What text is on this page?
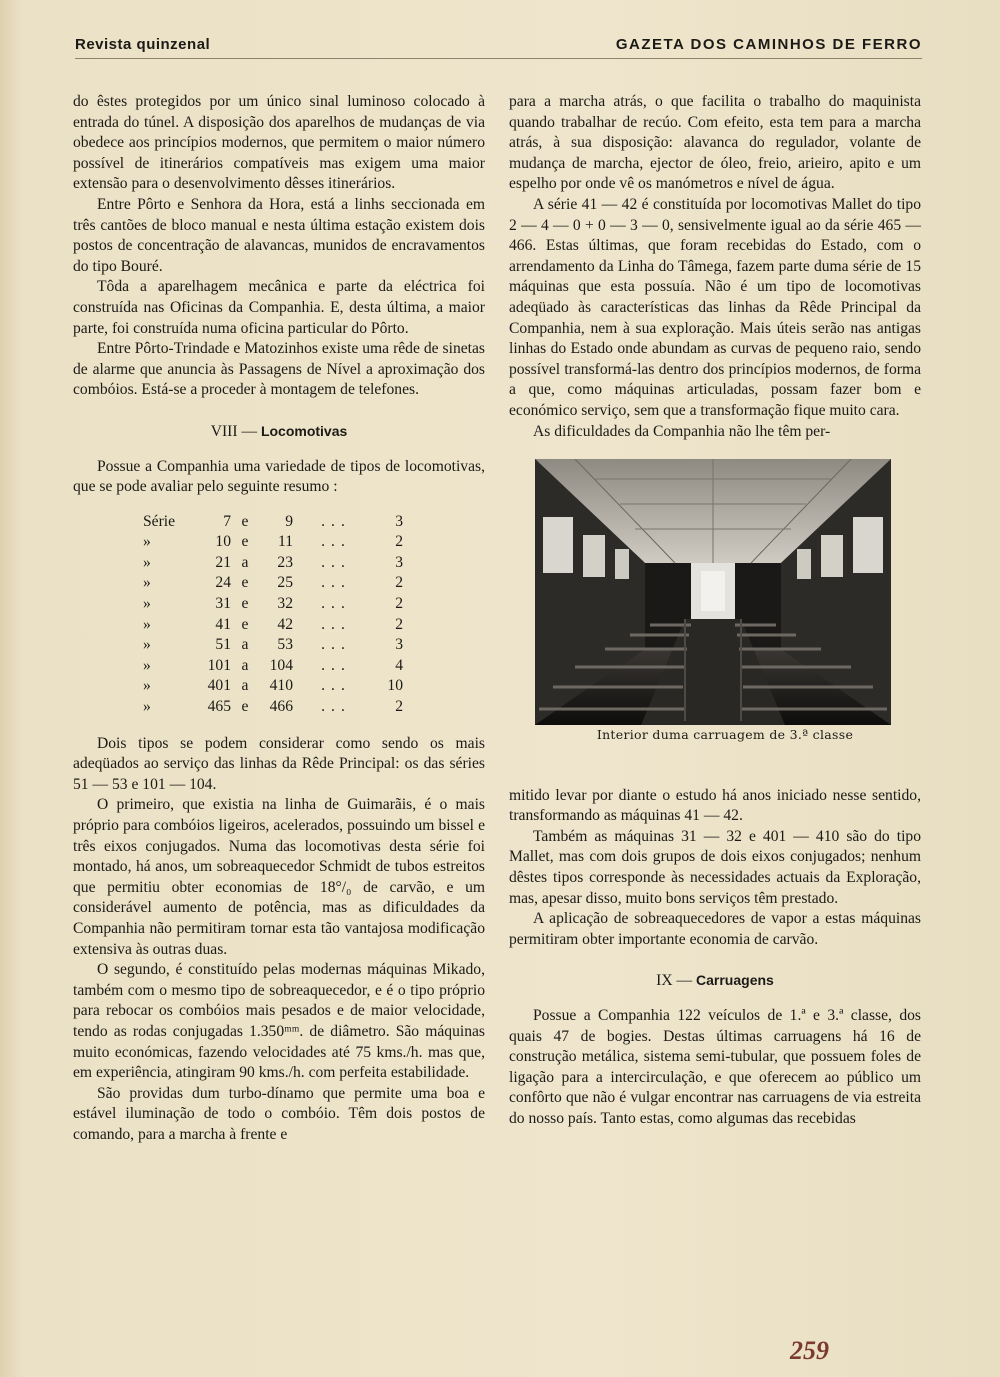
Revista quinzenal	GAZETA DOS CAMINHOS DE FERRO

do êstes protegidos por um único sinal luminoso colocado à entrada do túnel. A disposição dos aparelhos de mudanças de via obedece aos princípios modernos, que permitem o maior número possível de itinerários compatíveis mas exigem uma maior extensão para o desenvolvimento dêsses itinerários.

Entre Pôrto e Senhora da Hora, está a linhs seccionada em três cantões de bloco manual e nesta última estação existem dois postos de concentração de alavancas, munidos de encravamentos do tipo Bouré.

Tôda a aparelhagem mecânica e parte da eléctrica foi construída nas Oficinas da Companhia. E, desta última, a maior parte, foi construída numa oficina particular do Pôrto.

Entre Pôrto-Trindade e Matozinhos existe uma rêde de sinetas de alarme que anuncia às Passagens de Nível a aproximação dos combóios. Está-se a proceder à montagem de telefones.

VIII — Locomotivas

Possue a Companhia uma variedade de tipos de locomotivas, que se pode avaliar pelo seguinte resumo :

Série	7	e	9	...	3
»	10	e	11	...	2
»	21	a	23	...	3
»	24	e	25	...	2
»	31	e	32	...	2
»	41	e	42	...	2
»	51	a	53	...	3
»	101	a	104	...	4
»	401	a	410	...	10
»	465	e	466	...	2

Dois tipos se podem considerar como sendo os mais adeqüados ao serviço das linhas da Rêde Principal: os das séries 51 — 53 e 101 — 104.

O primeiro, que existia na linha de Guimarãis, é o mais próprio para combóios ligeiros, acelerados, possuindo um bissel e três eixos conjugados. Numa das locomotivas desta série foi montado, há anos, um sobreaquecedor Schmidt de tubos estreitos que permitiu obter economias de 18°/₀ de carvão, e um considerável aumento de potência, mas as dificuldades da Companhia não permitiram tornar esta tão vantajosa modificação extensiva às outras duas.

O segundo, é constituído pelas modernas máquinas Mikado, também com o mesmo tipo de sobreaquecedor, e é o tipo próprio para rebocar os combóios mais pesados e de maior velocidade, tendo as rodas conjugadas 1.350ᵐᵐ. de diâmetro. São máquinas muito económicas, fazendo velocidades até 75 kms./h. mas que, em experiência, atingiram 90 kms./h. com perfeita estabilidade.

São providas dum turbo-dínamo que permite uma boa e estável iluminação de todo o combóio. Têm dois postos de comando, para a marcha à frente e

para a marcha atrás, o que facilita o trabalho do maquinista quando trabalhar de recúo. Com efeito, esta tem para a marcha atrás, à sua disposição: alavanca do regulador, volante de mudança de marcha, ejector de óleo, freio, arieiro, apito e um espelho por onde vê os manómetros e nível de água.

A série 41 — 42 é constituída por locomotivas Mallet do tipo 2 — 4 — 0 + 0 — 3 — 0, sensivelmente igual ao da série 465 — 466. Estas últimas, que foram recebidas do Estado, com o arrendamento da Linha do Tâmega, fazem parte duma série de 15 máquinas que esta possuía. Não é um tipo de locomotivas adeqüado às características das linhas da Rêde Principal da Companhia, nem à sua exploração. Mais úteis serão nas antigas linhas do Estado onde abundam as curvas de pequeno raio, sendo possível transformá-las dentro dos princípios modernos, de forma a que, como máquinas articuladas, possam fazer bom e económico serviço, sem que a transformação fique muito cara.

As dificuldades da Companhia não lhe têm per-

Interior duma carruagem de 3.ª classe

mitido levar por diante o estudo há anos iniciado nesse sentido, transformando as máquinas 41 — 42.

Também as máquinas 31 — 32 e 401 — 410 são do tipo Mallet, mas com dois grupos de dois eixos conjugados; nenhum dêstes tipos corresponde às necessidades actuais da Exploração, mas, apesar disso, muito bons serviços têm prestado.

A aplicação de sobreaquecedores de vapor a estas máquinas permitiram obter importante economia de carvão.

IX — Carruagens

Possue a Companhia 122 veículos de 1.ª e 3.ª classe, dos quais 47 de bogies. Destas últimas carruagens há 16 de construção metálica, sistema semi-tubular, que possuem foles de ligação para a intercirculação, e que oferecem ao público um confôrto que não é vulgar encontrar nas carruagens de via estreita do nosso país. Tanto estas, como algumas das recebidas

259
